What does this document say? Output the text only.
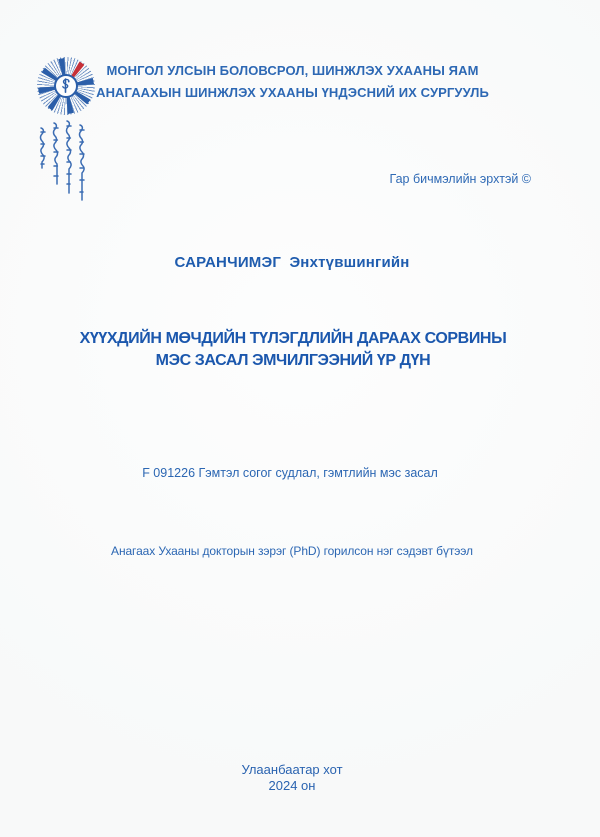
МОНГОЛ УЛСЫН БОЛОВСРОЛ, ШИНЖЛЭХ УХААНЫ ЯАМ
АНАГААХЫН ШИНЖЛЭХ УХААНЫ ҮНДЭСНИЙ ИХ СУРГУУЛЬ
Гар бичмэлийн эрхтэй ©
САРАНЧИМЭГ Энхтүвшингийн
ХҮҮХДИЙН МӨЧДИЙН ТҮЛЭГДЛИЙН ДАРААХ СОРВИНЫ
МЭС ЗАСАЛ ЭМЧИЛГЭЭНИЙ ҮР ДҮН
F 091226 Гэмтэл согог судлал, гэмтлийн мэс засал
Анагаах Ухааны докторын зэрэг (PhD) горилсон нэг сэдэвт бүтээл
Улаанбаатар хот
2024 он
